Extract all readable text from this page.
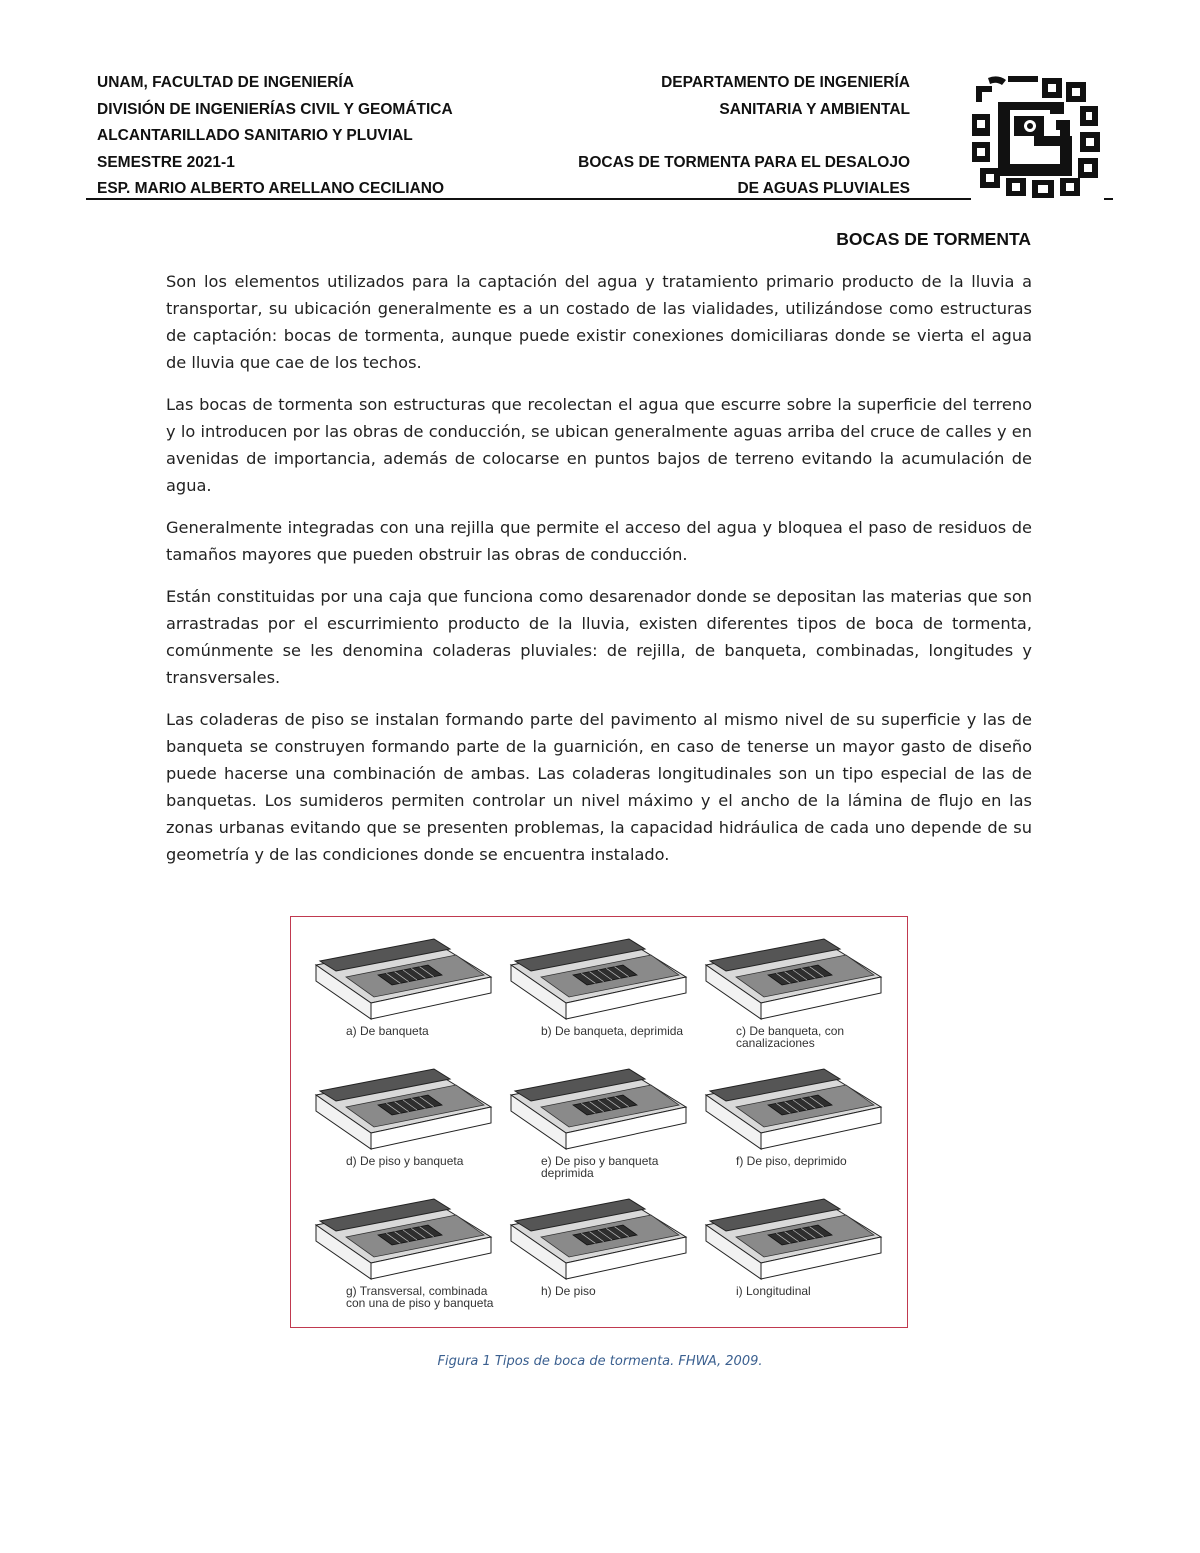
UNAM, FACULTAD DE INGENIERÍA
DIVISIÓN DE INGENIERÍAS CIVIL Y GEOMÁTICA
ALCANTARILLADO SANITARIO Y PLUVIAL
SEMESTRE 2021-1
ESP. MARIO ALBERTO ARELLANO CECILIANO
DEPARTAMENTO DE INGENIERÍA
SANITARIA Y AMBIENTAL

BOCAS DE TORMENTA PARA EL DESALOJO
DE AGUAS PLUVIALES
BOCAS DE TORMENTA

Son los elementos utilizados para la captación del agua y tratamiento primario producto de la lluvia a transportar, su ubicación generalmente es a un costado de las vialidades, utilizándose como estructuras de captación: bocas de tormenta, aunque puede existir conexiones domiciliaras donde se vierta el agua de lluvia que cae de los techos.

Las bocas de tormenta son estructuras que recolectan el agua que escurre sobre la superficie del terreno y lo introducen por las obras de conducción, se ubican generalmente aguas arriba del cruce de calles y en avenidas de importancia, además de colocarse en puntos bajos de terreno evitando la acumulación de agua.

Generalmente integradas con una rejilla que permite el acceso del agua y bloquea el paso de residuos de tamaños mayores que pueden obstruir las obras de conducción.

Están constituidas por una caja que funciona como desarenador donde se depositan las materias que son arrastradas por el escurrimiento producto de la lluvia, existen diferentes tipos de boca de tormenta, comúnmente se les denomina coladeras pluviales: de rejilla, de banqueta, combinadas, longitudes y transversales.

Las coladeras de piso se instalan formando parte del pavimento al mismo nivel de su superficie y las de banqueta se construyen formando parte de la guarnición, en caso de tenerse un mayor gasto de diseño puede hacerse una combinación de ambas. Las coladeras longitudinales son un tipo especial de las de banquetas. Los sumideros permiten controlar un nivel máximo y el ancho de la lámina de flujo en las zonas urbanas evitando que se presenten problemas, la capacidad hidráulica de cada uno depende de su geometría y de las condiciones donde se encuentra instalado.

a) De banqueta	b) De banqueta, deprimida	c) De banqueta, con
canalizaciones
d) De piso y banqueta	e) De piso y banqueta
deprimida
f) De piso, deprimido
g) Transversal, combinada
con una de piso y banqueta
h) De piso	i) Longitudinal
Figura 1 Tipos de boca de tormenta. FHWA, 2009.
